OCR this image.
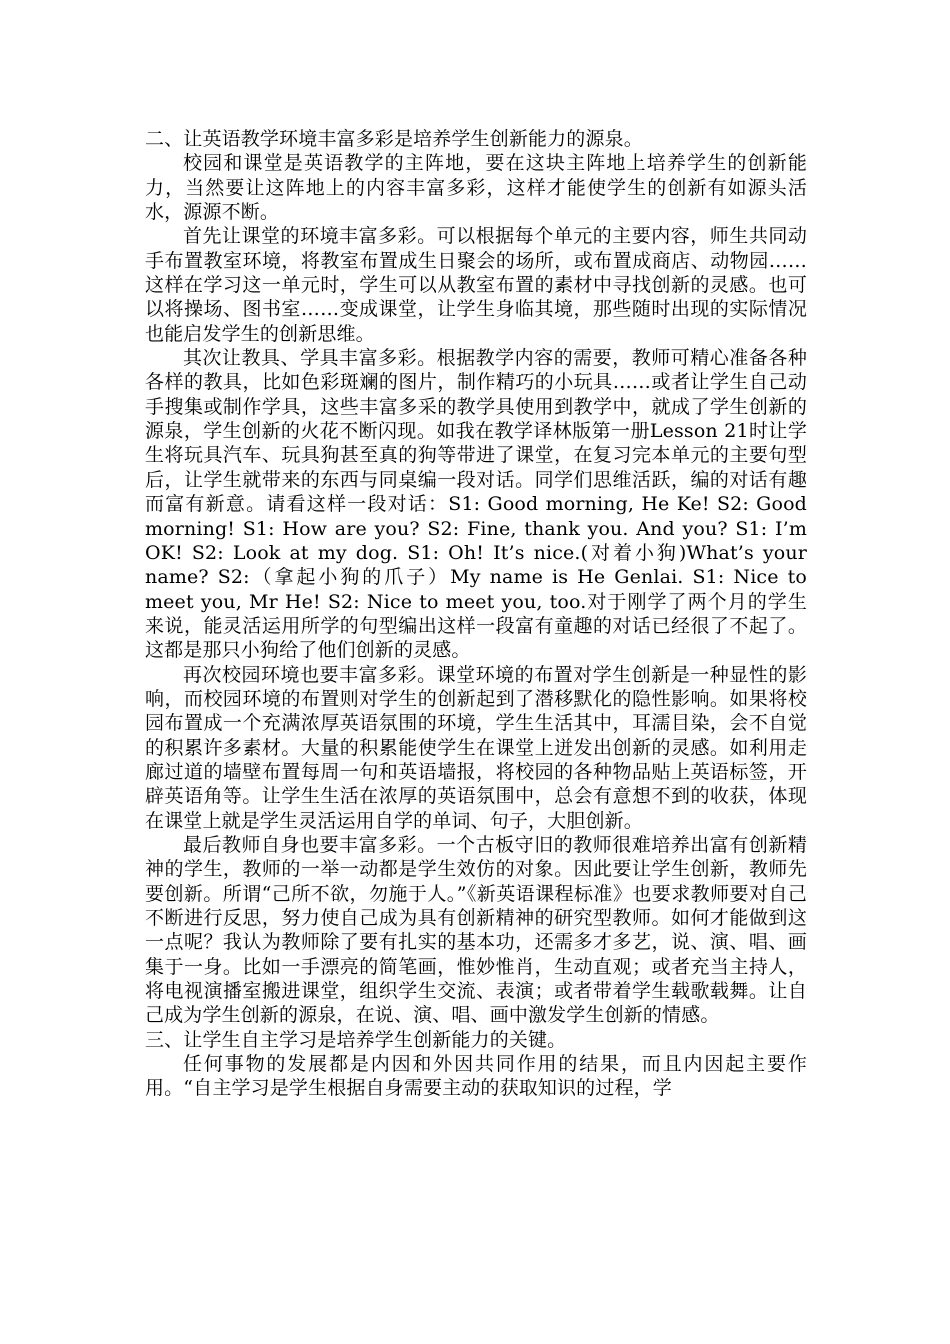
二、让英语教学环境丰富多彩是培养学生创新能力的源泉。

校园和课堂是英语教学的主阵地，要在这块主阵地上培养学生的创新能力，当然要让这阵地上的内容丰富多彩，这样才能使学生的创新有如源头活水，源源不断。

首先让课堂的环境丰富多彩。可以根据每个单元的主要内容，师生共同动手布置教室环境，将教室布置成生日聚会的场所，或布置成商店、动物园……这样在学习这一单元时，学生可以从教室布置的素材中寻找创新的灵感。也可以将操场、图书室……变成课堂，让学生身临其境，那些随时出现的实际情况也能启发学生的创新思维。

其次让教具、学具丰富多彩。根据教学内容的需要，教师可精心准备各种各样的教具，比如色彩斑斓的图片，制作精巧的小玩具……或者让学生自己动手搜集或制作学具，这些丰富多采的教学具使用到教学中，就成了学生创新的源泉，学生创新的火花不断闪现。如我在教学译林版第一册Lesson 21时让学生将玩具汽车、玩具狗甚至真的狗等带进了课堂，在复习完本单元的主要句型后，让学生就带来的东西与同桌编一段对话。同学们思维活跃，编的对话有趣而富有新意。请看这样一段对话：S1: Good morning, He Ke! S2: Good morning! S1: How are you? S2: Fine, thank you. And you? S1: I’m OK! S2: Look at my dog. S1: Oh! It’s nice.(对着小狗)What’s your name? S2:（拿起小狗的爪子）My name is He Genlai. S1: Nice to meet you, Mr He! S2: Nice to meet you, too.对于刚学了两个月的学生来说，能灵活运用所学的句型编出这样一段富有童趣的对话已经很了不起了。这都是那只小狗给了他们创新的灵感。

再次校园环境也要丰富多彩。课堂环境的布置对学生创新是一种显性的影响，而校园环境的布置则对学生的创新起到了潜移默化的隐性影响。如果将校园布置成一个充满浓厚英语氛围的环境，学生生活其中，耳濡目染，会不自觉的积累许多素材。大量的积累能使学生在课堂上迸发出创新的灵感。如利用走廊过道的墙壁布置每周一句和英语墙报，将校园的各种物品贴上英语标签，开辟英语角等。让学生生活在浓厚的英语氛围中，总会有意想不到的收获，体现在课堂上就是学生灵活运用自学的单词、句子，大胆创新。

最后教师自身也要丰富多彩。一个古板守旧的教师很难培养出富有创新精神的学生，教师的一举一动都是学生效仿的对象。因此要让学生创新，教师先要创新。所谓“己所不欲，勿施于人。”《新英语课程标准》也要求教师要对自己不断进行反思，努力使自己成为具有创新精神的研究型教师。如何才能做到这一点呢？我认为教师除了要有扎实的基本功，还需多才多艺，说、演、唱、画集于一身。比如一手漂亮的简笔画，惟妙惟肖，生动直观；或者充当主持人，将电视演播室搬进课堂，组织学生交流、表演；或者带着学生载歌载舞。让自己成为学生创新的源泉，在说、演、唱、画中激发学生创新的情感。

三、让学生自主学习是培养学生创新能力的关键。

任何事物的发展都是内因和外因共同作用的结果，而且内因起主要作用。“自主学习是学生根据自身需要主动的获取知识的过程，学
